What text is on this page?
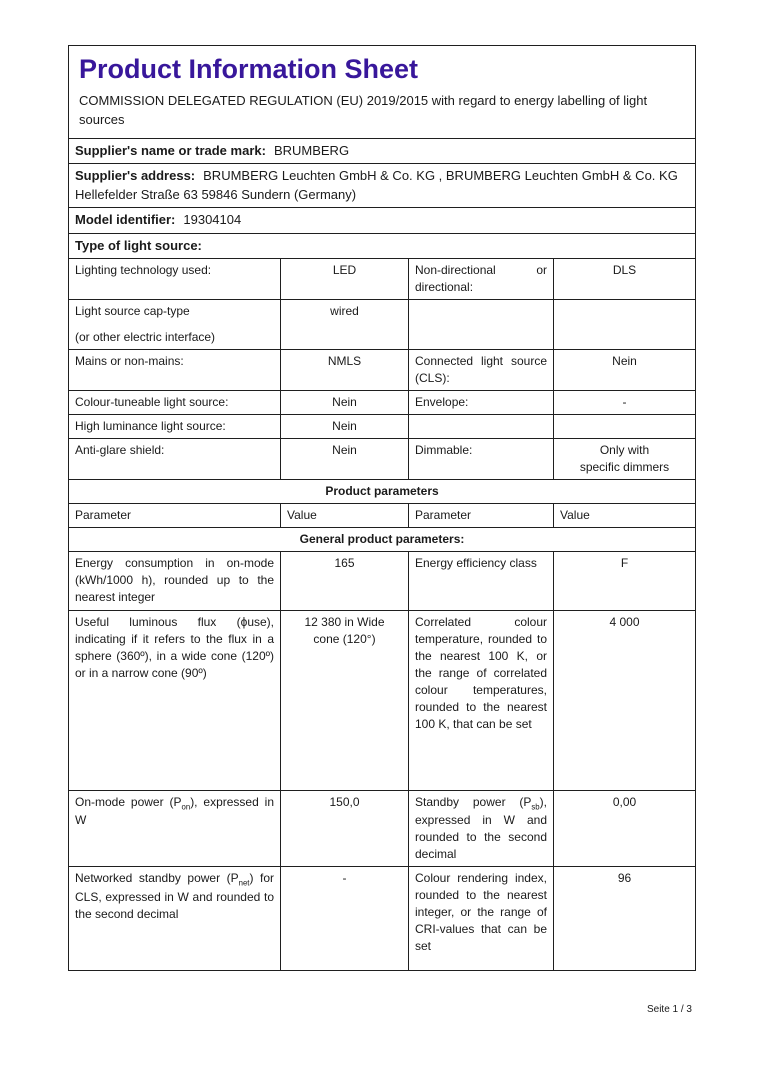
Product Information Sheet

COMMISSION DELEGATED REGULATION (EU) 2019/2015 with regard to energy labelling of light sources

Supplier's name or trade mark: BRUMBERG			
Supplier's address: BRUMBERG Leuchten GmbH & Co. KG , BRUMBERG Leuchten GmbH & Co. KG Hellefelder Straße 63 59846 Sundern (Germany)			
Model identifier: 19304104			
Type of light source:			
Lighting technology used:	LED	Non-directional or directional:	DLS

Light source cap-type
(or other electric interface)	wired		
Mains or non-mains:	NMLS	Connected light source (CLS):	Nein
Colour-tuneable light source:	Nein	Envelope:	-
High luminance light source:	Nein		
Anti-glare shield:	Nein	Dimmable:	Only with
specific dimmers
Product parameters			
Parameter	Value	Parameter	Value
General product parameters:			
Energy consumption in on-mode (kWh/1000 h), rounded up to the nearest integer	165	Energy efficiency class	F
Useful luminous flux (ϕuse), indicating if it refers to the flux in a sphere (360º), in a wide cone (120º) or in a narrow cone (90º)	12 380 in Wide
cone (120°)	Correlated colour temperature, rounded to the nearest 100 K, or the range of correlated colour temperatures, rounded to the nearest 100 K, that can be set	4 000
On-mode power $(P_{on})$, expressed in W	150,0	Standby power $(P_{sb})$, expressed in W and rounded to the second decimal	0,00
Networked standby power $(P_{net})$ for CLS, expressed in W and rounded to the second decimal	-	Colour rendering index, rounded to the nearest integer, or the range of CRI-values that can be set	96
Seite 1 / 3
